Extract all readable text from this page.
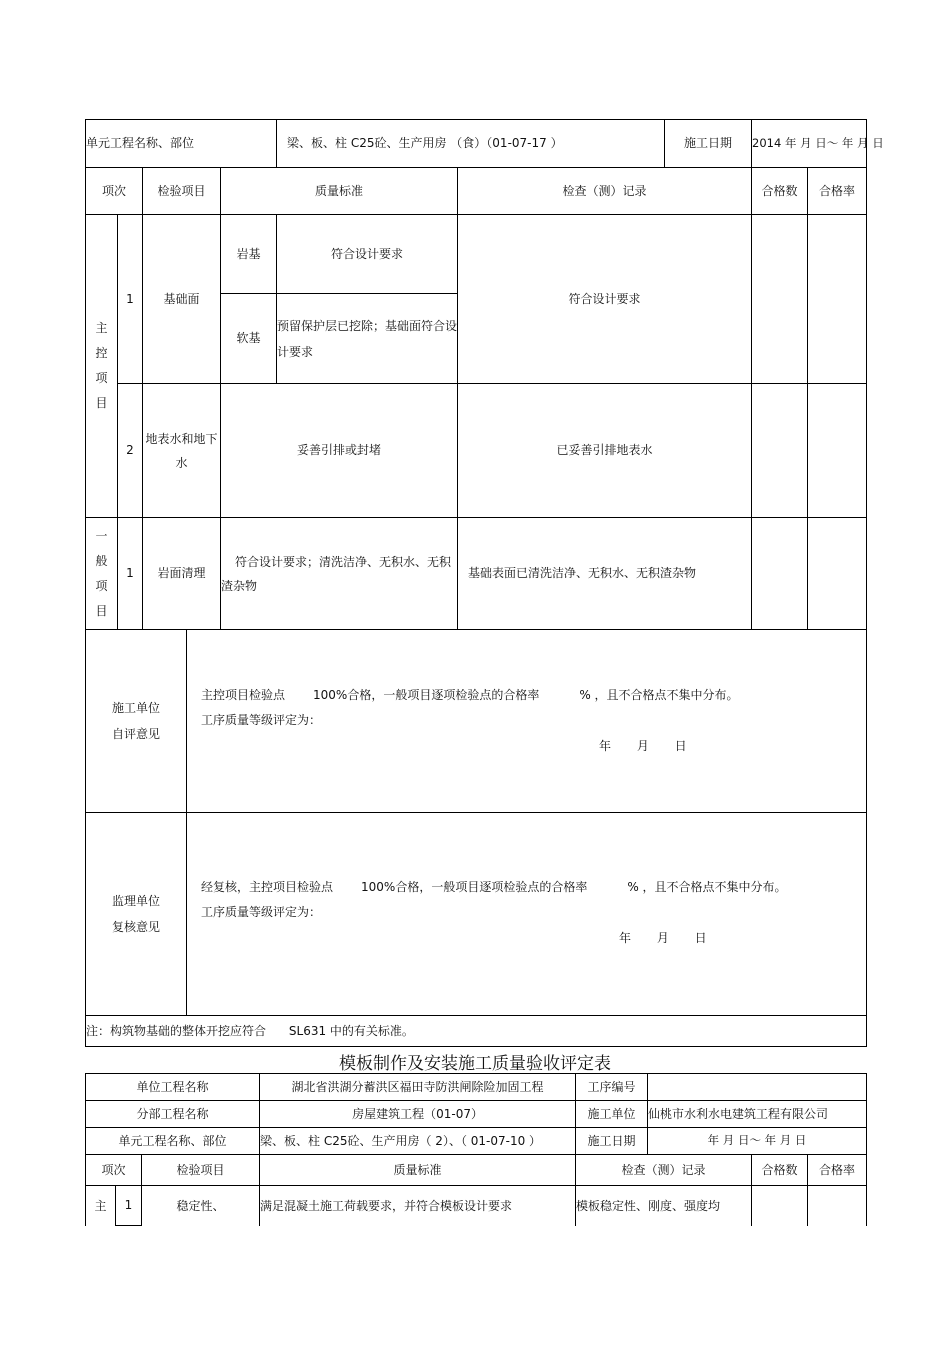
单元工程名称、部位				梁、板、柱 C25砼、生产用房 （食）（01-07-17 ） 施工日期		2014 年 月 日～ 年 月 日	
项次		检验项目	质量标准		检查（测）记录	合格数	合格率

主控项目	1	基础面	岩基	符合设计要求	符合设计要求		
			软基	预留保护层已挖除；基础面符合设计要求			
	2	地表水和地下水	妥善引排或封堵		已妥善引排地表水		

一般项目	1	岩面清理	符合设计要求；清洗洁净、无积水、无积渣杂物		基础表面已清洗洁净、无积水、无积渣杂物		

施工单位自评意见
主控项目检验点 100%合格，一般项目逐项检验点的合格率 % ，且不合格点不集中分布。
工序质量等级评定为：
年 月 日							

监理单位复核意见
经复核，主控项目检验点 100%合格，一般项目逐项检验点的合格率 % ，且不合格点不集中分布。
工序质量等级评定为：
年 月 日							

注：构筑物基础的整体开挖应符合      SL631 中的有关标准。							
模板制作及安装施工质量验收评定表
单位工程名称			湖北省洪湖分蓄洪区福田寺防洪闸除险加固工程	工序编号			
分部工程名称			房屋建筑工程（01-07）	施工单位	仙桃市水利水电建筑工程有限公司		
单元工程名称、部位			梁、板、柱 C25砼、生产用房（ 2）、（ 01-07-10 ）	施工日期	年 月 日～ 年 月 日		
项次		检验项目	质量标准	检查（测）记录		合格数	合格率
主	1	稳定性、	满足混凝土施工荷载要求，并符合模板设计要求	模板稳定性、刚度、强度均			
